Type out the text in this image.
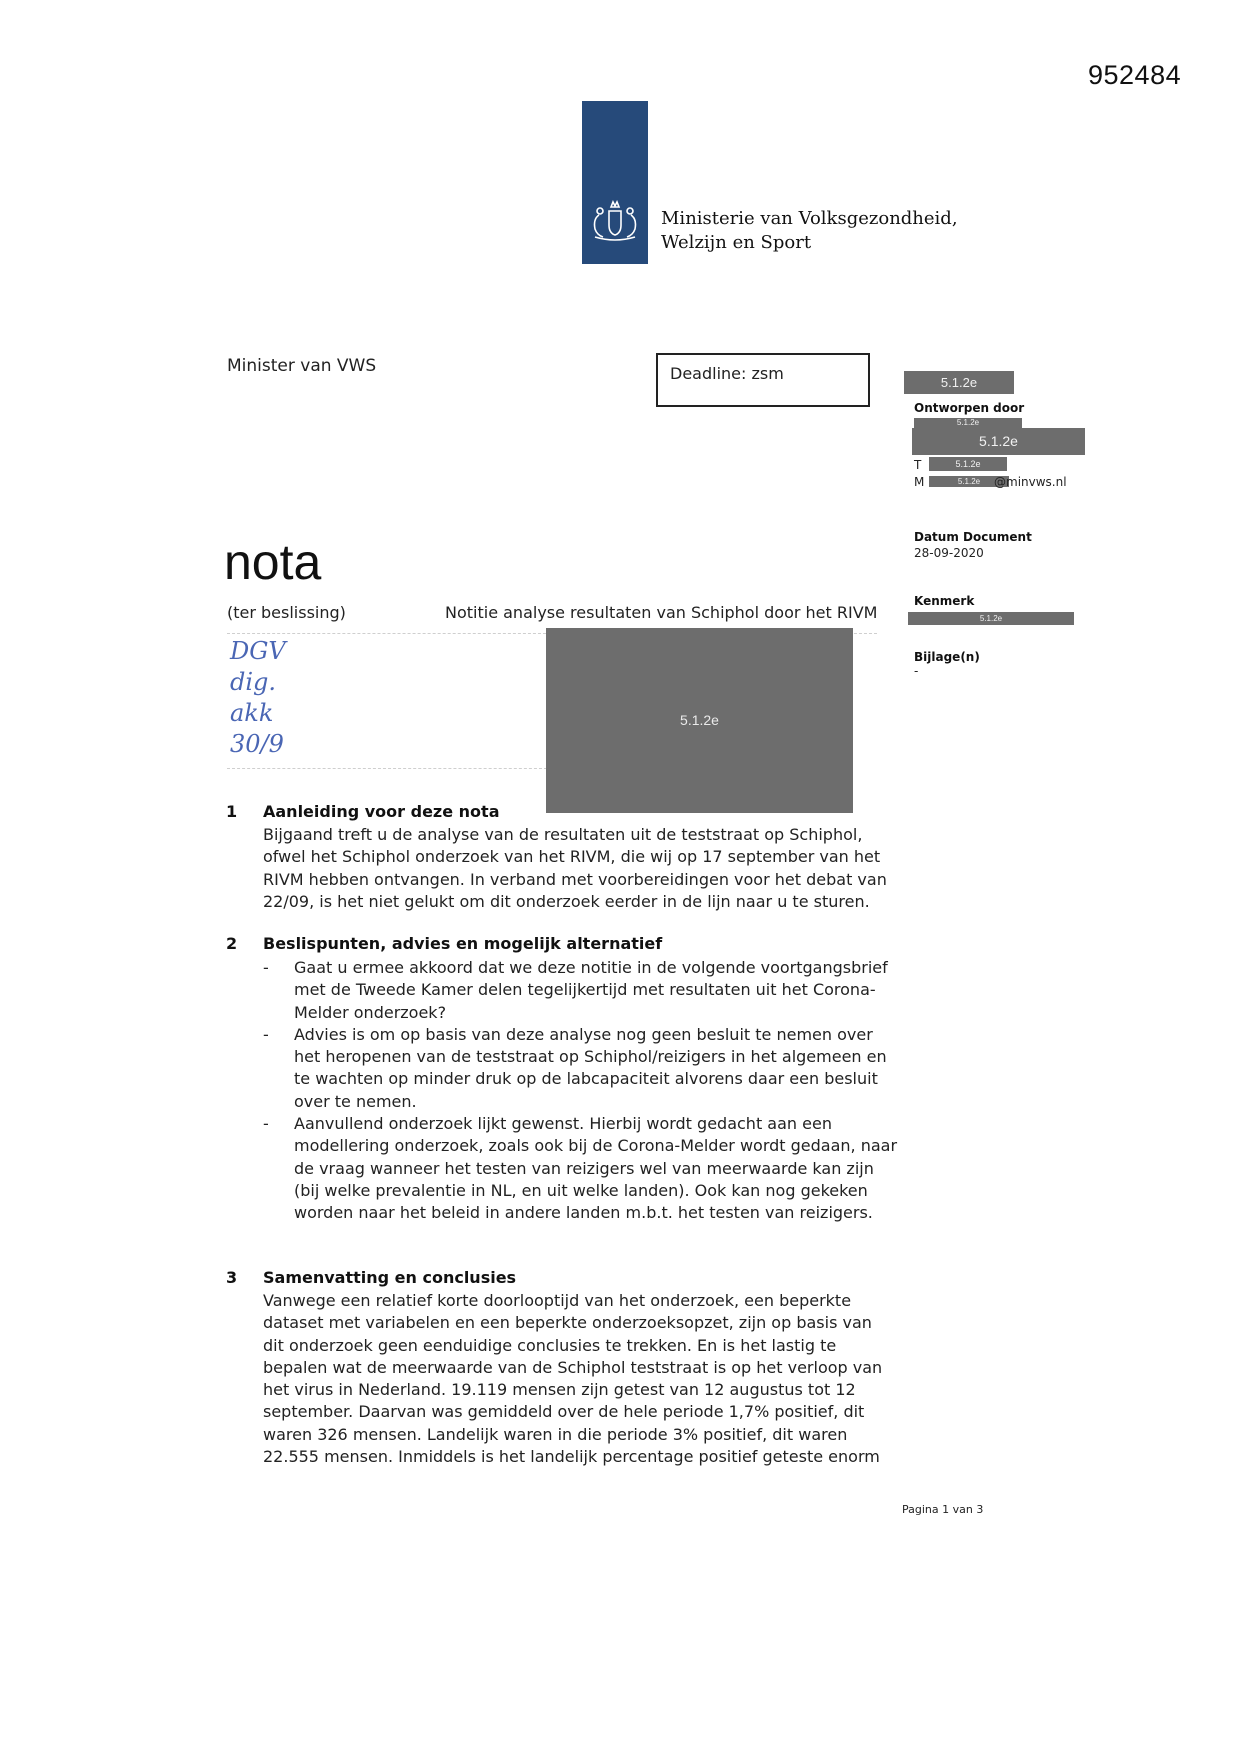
952484
Ministerie van Volksgezondheid,
Welzijn en Sport
Minister van VWS	Deadline: zsm	5.1.2e
Ontworpen door
5.1.2e
5.1.2e
T	5.1.2e
M	5.1.2e	@minvws.nl
Datum Document
28-09-2020
Kenmerk
5.1.2e
Bijlage(n)
-
nota
(ter beslissing)	Notitie analyse resultaten van Schiphol door het RIVM
DGV
dig.
akk
30/9
5.1.2e
1 Aanleiding voor deze nota
Bijgaand treft u de analyse van de resultaten uit de teststraat op Schiphol, ofwel het Schiphol onderzoek van het RIVM, die wij op 17 september van het RIVM hebben ontvangen. In verband met voorbereidingen voor het debat van 22/09, is het niet gelukt om dit onderzoek eerder in de lijn naar u te sturen.
2 Beslispunten, advies en mogelijk alternatief
- Gaat u ermee akkoord dat we deze notitie in de volgende voortgangsbrief met de Tweede Kamer delen tegelijkertijd met resultaten uit het Corona-Melder onderzoek?
- Advies is om op basis van deze analyse nog geen besluit te nemen over het heropenen van de teststraat op Schiphol/reizigers in het algemeen en te wachten op minder druk op de labcapaciteit alvorens daar een besluit over te nemen.
- Aanvullend onderzoek lijkt gewenst. Hierbij wordt gedacht aan een modellering onderzoek, zoals ook bij de Corona-Melder wordt gedaan, naar de vraag wanneer het testen van reizigers wel van meerwaarde kan zijn (bij welke prevalentie in NL, en uit welke landen). Ook kan nog gekeken worden naar het beleid in andere landen m.b.t. het testen van reizigers.
3 Samenvatting en conclusies
Vanwege een relatief korte doorlooptijd van het onderzoek, een beperkte dataset met variabelen en een beperkte onderzoeksopzet, zijn op basis van dit onderzoek geen eenduidige conclusies te trekken. En is het lastig te bepalen wat de meerwaarde van de Schiphol teststraat is op het verloop van het virus in Nederland. 19.119 mensen zijn getest van 12 augustus tot 12 september. Daarvan was gemiddeld over de hele periode 1,7% positief, dit waren 326 mensen. Landelijk waren in die periode 3% positief, dit waren 22.555 mensen. Inmiddels is het landelijk percentage positief geteste enorm
Pagina 1 van 3
